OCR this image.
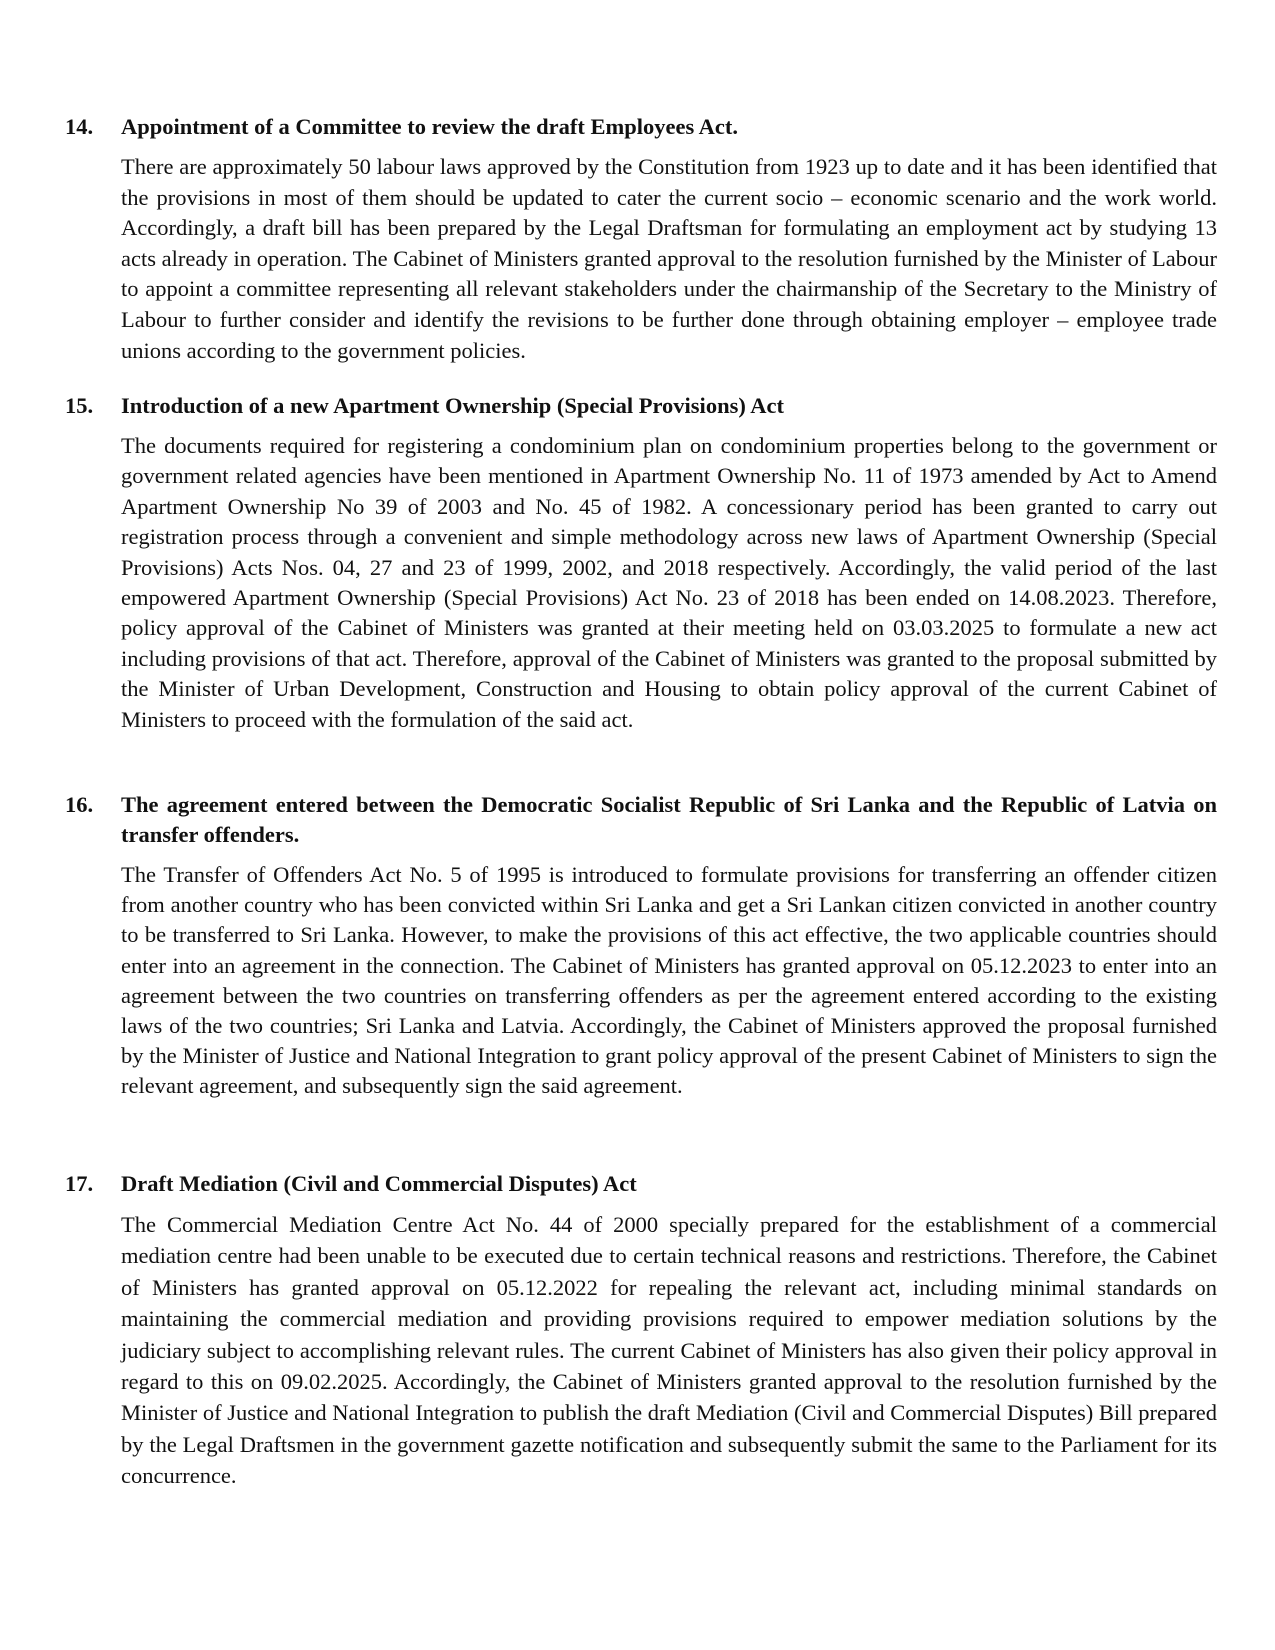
14. Appointment of a Committee to review the draft Employees Act.
There are approximately 50 labour laws approved by the Constitution from 1923 up to date and it has been identified that the provisions in most of them should be updated to cater the current socio – economic scenario and the work world. Accordingly, a draft bill has been prepared by the Legal Draftsman for formulating an employment act by studying 13 acts already in operation. The Cabinet of Ministers granted approval to the resolution furnished by the Minister of Labour to appoint a committee representing all relevant stakeholders under the chairmanship of the Secretary to the Ministry of Labour to further consider and identify the revisions to be further done through obtaining employer – employee trade unions according to the government policies.
15. Introduction of a new Apartment Ownership (Special Provisions) Act
The documents required for registering a condominium plan on condominium properties belong to the government or government related agencies have been mentioned in Apartment Ownership No. 11 of 1973 amended by Act to Amend Apartment Ownership No 39 of 2003 and No. 45 of 1982. A concessionary period has been granted to carry out registration process through a convenient and simple methodology across new laws of Apartment Ownership (Special Provisions) Acts Nos. 04, 27 and 23 of 1999, 2002, and 2018 respectively. Accordingly, the valid period of the last empowered Apartment Ownership (Special Provisions) Act No. 23 of 2018 has been ended on 14.08.2023. Therefore, policy approval of the Cabinet of Ministers was granted at their meeting held on 03.03.2025 to formulate a new act including provisions of that act. Therefore, approval of the Cabinet of Ministers was granted to the proposal submitted by the Minister of Urban Development, Construction and Housing to obtain policy approval of the current Cabinet of Ministers to proceed with the formulation of the said act.
16. The agreement entered between the Democratic Socialist Republic of Sri Lanka and the Republic of Latvia on transfer offenders.
The Transfer of Offenders Act No. 5 of 1995 is introduced to formulate provisions for transferring an offender citizen from another country who has been convicted within Sri Lanka and get a Sri Lankan citizen convicted in another country to be transferred to Sri Lanka. However, to make the provisions of this act effective, the two applicable countries should enter into an agreement in the connection. The Cabinet of Ministers has granted approval on 05.12.2023 to enter into an agreement between the two countries on transferring offenders as per the agreement entered according to the existing laws of the two countries; Sri Lanka and Latvia. Accordingly, the Cabinet of Ministers approved the proposal furnished by the Minister of Justice and National Integration to grant policy approval of the present Cabinet of Ministers to sign the relevant agreement, and subsequently sign the said agreement.
17. Draft Mediation (Civil and Commercial Disputes) Act
The Commercial Mediation Centre Act No. 44 of 2000 specially prepared for the establishment of a commercial mediation centre had been unable to be executed due to certain technical reasons and restrictions. Therefore, the Cabinet of Ministers has granted approval on 05.12.2022 for repealing the relevant act, including minimal standards on maintaining the commercial mediation and providing provisions required to empower mediation solutions by the judiciary subject to accomplishing relevant rules. The current Cabinet of Ministers has also given their policy approval in regard to this on 09.02.2025. Accordingly, the Cabinet of Ministers granted approval to the resolution furnished by the Minister of Justice and National Integration to publish the draft Mediation (Civil and Commercial Disputes) Bill prepared by the Legal Draftsmen in the government gazette notification and subsequently submit the same to the Parliament for its concurrence.
